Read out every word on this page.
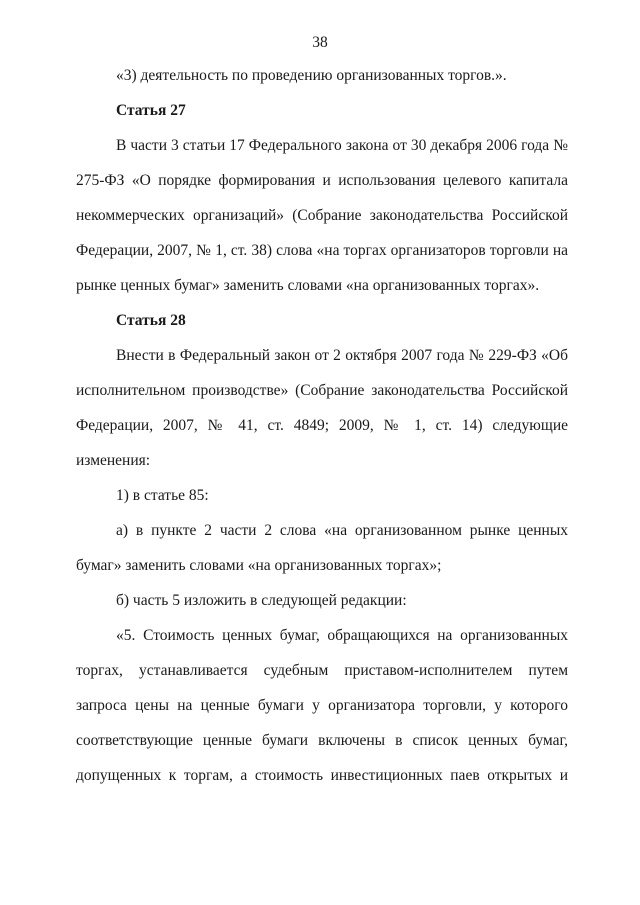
38

«3) деятельность по проведению организованных торгов.».

Статья 27

В части 3 статьи 17 Федерального закона от 30 декабря 2006 года № 275-ФЗ «О порядке формирования и использования целевого капитала некоммерческих организаций» (Собрание законодательства Российской Федерации, 2007, № 1, ст. 38) слова «на торгах организаторов торговли на рынке ценных бумаг» заменить словами «на организованных торгах».

Статья 28

Внести в Федеральный закон от 2 октября 2007 года № 229-ФЗ «Об исполнительном производстве» (Собрание законодательства Российской Федерации, 2007, № 41, ст. 4849; 2009, № 1, ст. 14) следующие изменения:

1) в статье 85:

а) в пункте 2 части 2 слова «на организованном рынке ценных бумаг» заменить словами «на организованных торгах»;

б) часть 5 изложить в следующей редакции:

«5. Стоимость ценных бумаг, обращающихся на организованных торгах, устанавливается судебным приставом-исполнителем путем запроса цены на ценные бумаги у организатора торговли, у которого соответствующие ценные бумаги включены в список ценных бумаг, допущенных к торгам, а стоимость инвестиционных паев открытых и
